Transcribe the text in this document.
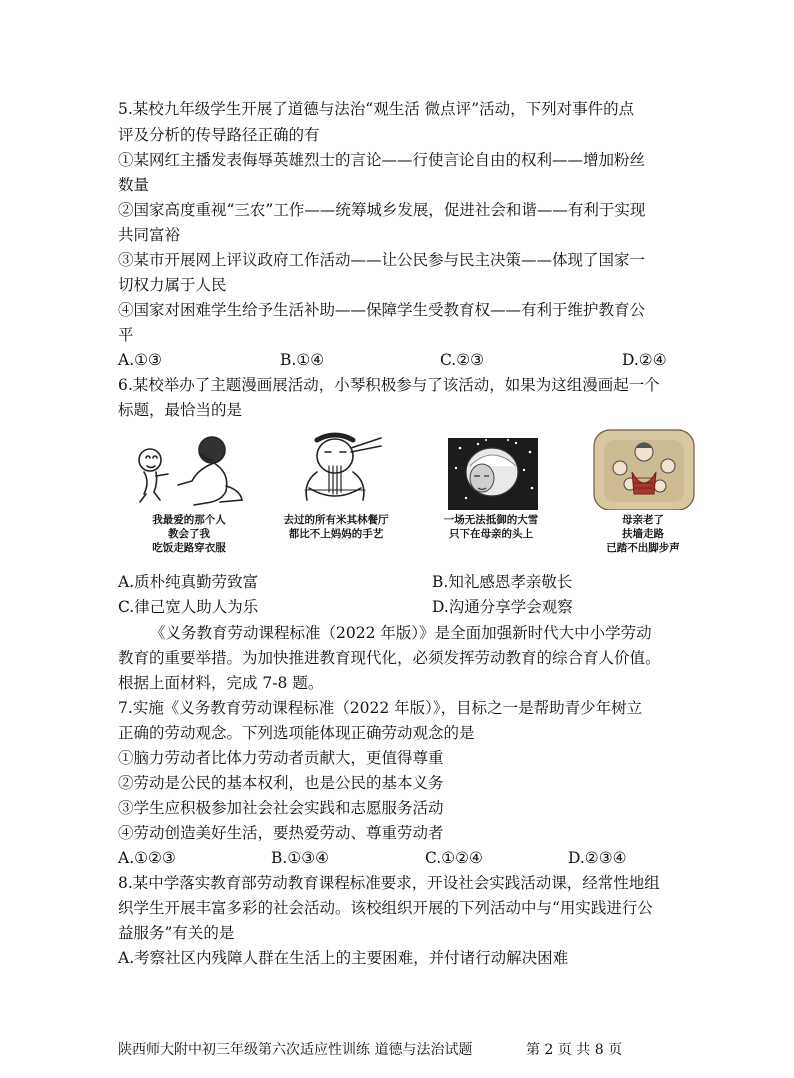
5.某校九年级学生开展了道德与法治“观生活 微点评”活动，下列对事件的点
评及分析的传导路径正确的有
①某网红主播发表侮辱英雄烈士的言论——行使言论自由的权利——增加粉丝
数量
②国家高度重视“三农”工作——统筹城乡发展，促进社会和谐——有利于实现
共同富裕
③某市开展网上评议政府工作活动——让公民参与民主决策——体现了国家一
切权力属于人民
④国家对困难学生给予生活补助——保障学生受教育权——有利于维护教育公
平
A.①③	B.①④	C.②③	D.②④
6.某校举办了主题漫画展活动，小琴积极参与了该活动，如果为这组漫画起一个
标题，最恰当的是
我最爱的那个人
教会了我
吃饭走路穿衣服
去过的所有米其林餐厅
都比不上妈妈的手艺
一场无法抵御的大雪
只下在母亲的头上
母亲老了
扶墙走路
已踏不出脚步声
A.质朴纯真勤劳致富	B.知礼感恩孝亲敬长
C.律己宽人助人为乐	D.沟通分享学会观察
《义务教育劳动课程标准（2022 年版）》是全面加强新时代大中小学劳动
教育的重要举措。为加快推进教育现代化，必须发挥劳动教育的综合育人价值。
根据上面材料，完成 7-8 题。
7.实施《义务教育劳动课程标准（2022 年版）》，目标之一是帮助青少年树立
正确的劳动观念。下列选项能体现正确劳动观念的是
①脑力劳动者比体力劳动者贡献大，更值得尊重
②劳动是公民的基本权利，也是公民的基本义务
③学生应积极参加社会社会实践和志愿服务活动
④劳动创造美好生活，要热爱劳动、尊重劳动者
A.①②③	B.①③④	C.①②④	D.②③④
8.某中学落实教育部劳动教育课程标准要求，开设社会实践活动课，经常性地组
织学生开展丰富多彩的社会活动。该校组织开展的下列活动中与“用实践进行公
益服务”有关的是
A.考察社区内残障人群在生活上的主要困难，并付诸行动解决困难
陕西师大附中初三年级第六次适应性训练 道德与法治试题	第 2 页 共 8 页
